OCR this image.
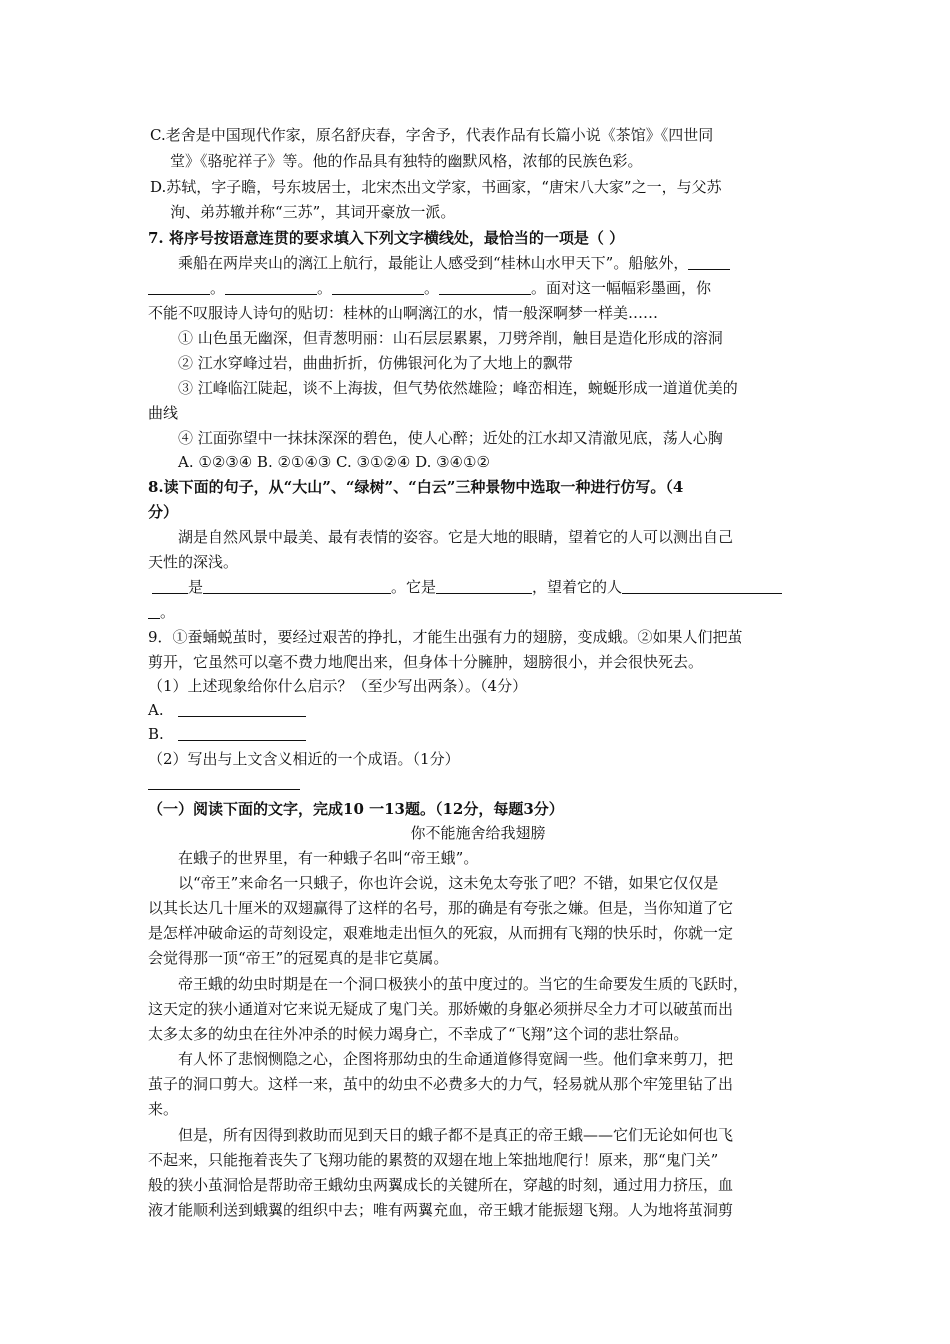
C.老舍是中国现代作家，原名舒庆春，字舍予，代表作品有长篇小说《茶馆》《四世同
堂》《骆驼祥子》等。他的作品具有独特的幽默风格，浓郁的民族色彩。
D.苏轼，字子瞻，号东坡居士，北宋杰出文学家，书画家，“唐宋八大家”之一，与父苏
洵、弟苏辙并称“三苏”，其词开豪放一派。
7. 将序号按语意连贯的要求填入下列文字横线处，最恰当的一项是（ ）
乘船在两岸夹山的漓江上航行，最能让人感受到“桂林山水甲天下”。船舷外，
。	。	。	。面对这一幅幅彩墨画，你
不能不叹服诗人诗句的贴切：桂林的山啊漓江的水，情一般深啊梦一样美……
① 山色虽无幽深，但青葱明丽：山石层层累累，刀劈斧削，触目是造化形成的溶洞
② 江水穿峰过岩，曲曲折折，仿佛银河化为了大地上的飘带
③ 江峰临江陡起，谈不上海拔，但气势依然雄险；峰峦相连，蜿蜒形成一道道优美的
曲线
④ 江面弥望中一抹抹深深的碧色，使人心醉；近处的江水却又清澈见底，荡人心胸
A. ①②③④ B. ②①④③ C. ③①②④ D. ③④①②
8.读下面的句子，从“大山”、“绿树”、“白云”三种景物中选取一种进行仿写。（4
分）
湖是自然风景中最美、最有表情的姿容。它是大地的眼睛，望着它的人可以测出自己
天性的深浅。
是	。它是	，望着它的人
。
9．①蚕蛹蜕茧时，要经过艰苦的挣扎，才能生出强有力的翅膀，变成蛾。②如果人们把茧
剪开，它虽然可以毫不费力地爬出来，但身体十分臃肿，翅膀很小，并会很快死去。
（1）上述现象给你什么启示？（至少写出两条）。（4分）
A.
B.
（2）写出与上文含义相近的一个成语。（1分）
（一）阅读下面的文字，完成10 一13题。（12分，每题3分）
你不能施舍给我翅膀
在蛾子的世界里，有一种蛾子名叫“帝王蛾”。
以“帝王”来命名一只蛾子，你也许会说，这未免太夸张了吧？不错，如果它仅仅是
以其长达几十厘米的双翅赢得了这样的名号，那的确是有夸张之嫌。但是，当你知道了它
是怎样冲破命运的苛刻设定，艰难地走出恒久的死寂，从而拥有飞翔的快乐时，你就一定
会觉得那一顶“帝王”的冠冕真的是非它莫属。
帝王蛾的幼虫时期是在一个洞口极狭小的茧中度过的。当它的生命要发生质的飞跃时，
这天定的狭小通道对它来说无疑成了鬼门关。那娇嫩的身躯必须拼尽全力才可以破茧而出
太多太多的幼虫在往外冲杀的时候力竭身亡，不幸成了“飞翔”这个词的悲壮祭品。
有人怀了悲悯恻隐之心，企图将那幼虫的生命通道修得宽阔一些。他们拿来剪刀，把
茧子的洞口剪大。这样一来，茧中的幼虫不必费多大的力气，轻易就从那个牢笼里钻了出
来。
但是，所有因得到救助而见到天日的蛾子都不是真正的帝王蛾——它们无论如何也飞
不起来，只能拖着丧失了飞翔功能的累赘的双翅在地上笨拙地爬行！原来，那“鬼门关”
般的狭小茧洞恰是帮助帝王蛾幼虫两翼成长的关键所在，穿越的时刻，通过用力挤压，血
液才能顺利送到蛾翼的组织中去；唯有两翼充血，帝王蛾才能振翅飞翔。人为地将茧洞剪
